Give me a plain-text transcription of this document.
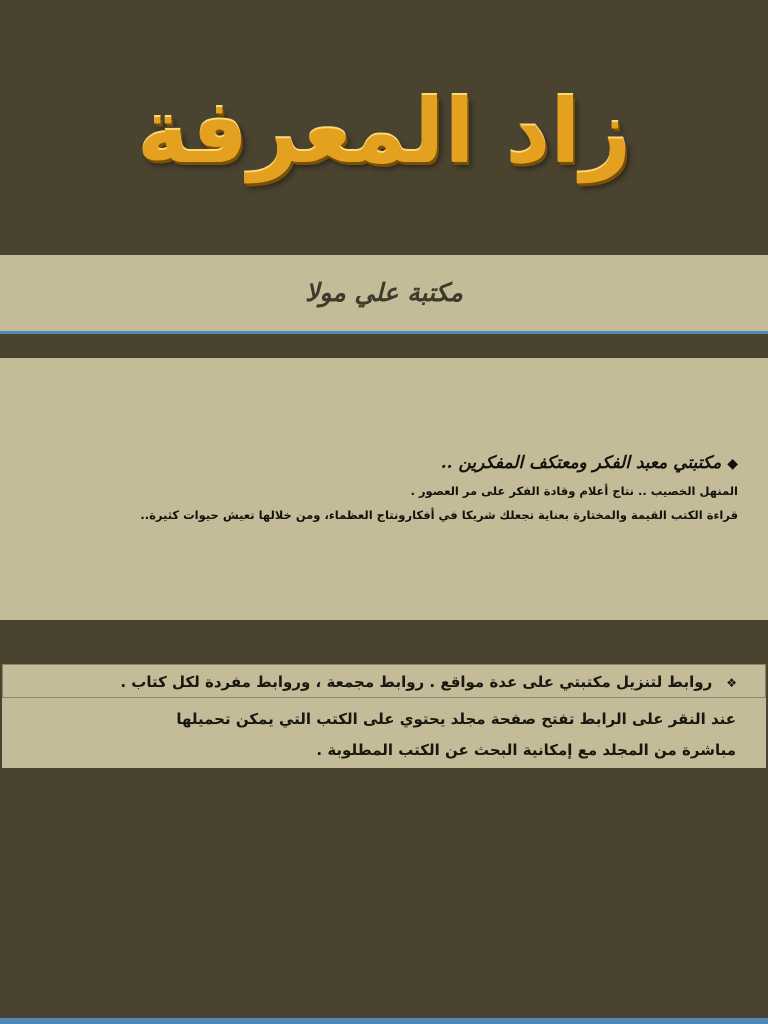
زاد المعرفة
مكتبة علي مولا
◆مكتبتي معبد الفكر ومعتكف المفكرين ..
المنهل الخصيب .. نتاج أعلام وقادة الفكر على مر العصور .
قراءة الكتب القيمة والمختارة بعناية تجعلك شريكا في أفكارونتاج العظماء، ومن خلالها تعيش حيوات كثيرة..
❖روابط لتنزيل مكتبتي على عدة مواقع . روابط مجمعة ، وروابط مفردة لكل كتاب .
عند النقر على الرابط تفتح صفحة مجلد يحتوي على الكتب التي يمكن تحميلها
مباشرة من المجلد مع إمكانية البحث عن الكتب المطلوبة .
